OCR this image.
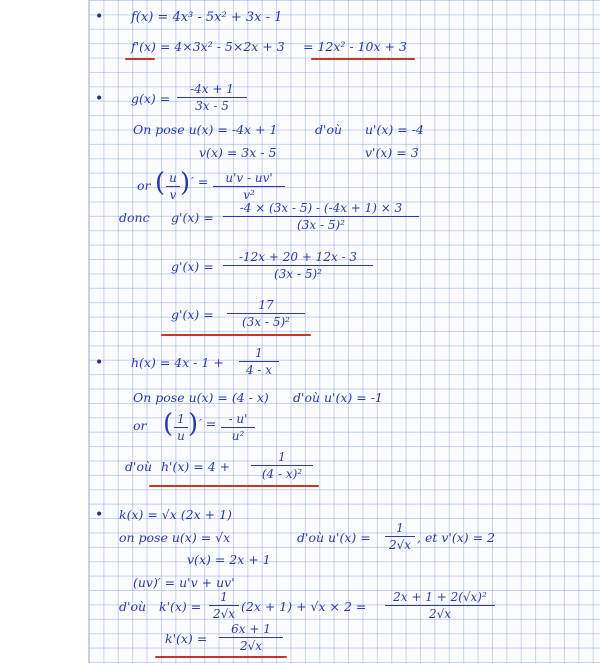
• f(x) = 4x³ - 5x² + 3x - 1
f'(x) = 4×3x² - 5×2x + 3 = 12x² - 10x + 3
• g(x) =
-4x + 1
3x - 5
On pose u(x) = -4x + 1	d'où u'(x) = -4
v(x) = 3x - 5	v'(x) = 3
or ( u
v ) ′ =	u'v - uv'
v²
donc g'(x) =
-4 × (3x - 5) - (-4x + 1) × 3
(3x - 5)²
g'(x) =
-12x + 20 + 12x - 3
(3x - 5)²
g'(x) =
17
(3x - 5)²
• h(x) = 4x - 1 +
1
4 - x
On pose u(x) = (4 - x) d'où u'(x) = -1
or ( 1
u ) ′ =	- u'
u²
d'où h'(x) = 4 +
1
(4 - x)²
• k(x) = √x (2x + 1)
on pose u(x) = √x	d'où u'(x) =
1
2√x , et v'(x) = 2
v(x) = 2x + 1
(uv)′ = u'v + uv'
d'où k'(x) =
1
2√x (2x + 1) + √x × 2 =
2x + 1 + 2(√x)²
2√x
k'(x) =
6x + 1
2√x
